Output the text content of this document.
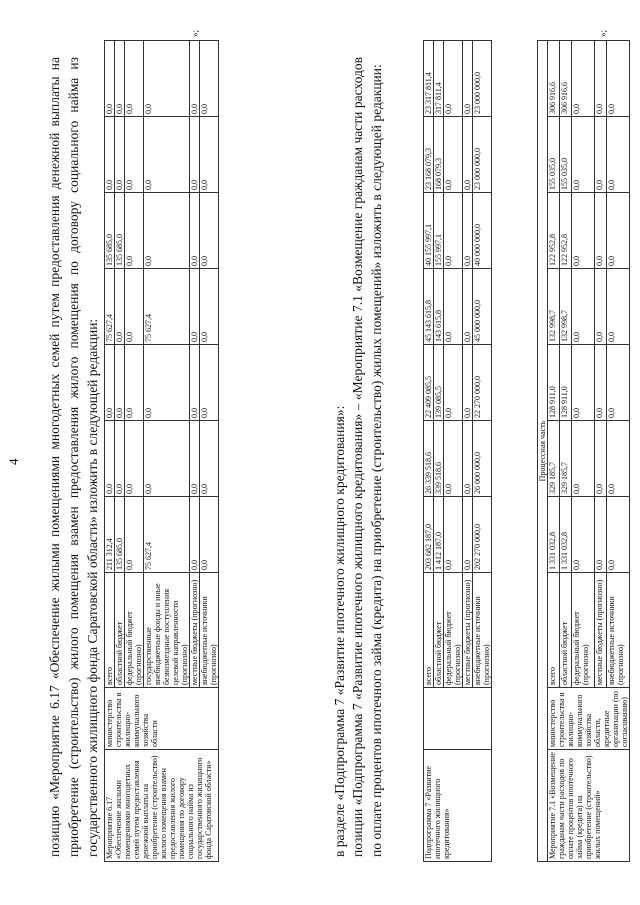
4 позицию «Мероприятие 6.17 «Обеспечение жилыми помещениями многодетных семей путем предоставления денежной выплаты на приобретение (строительство) жилого помещения взамен предоставления жилого помещения по договору социального найма из государственного жилищного фонда Саратовской области» изложить в следующей редакции: Мероприятие 6.17 «Обеспечение жилыми помещениями многодетных семей путем предоставления денежной выплаты на приобретение (строительство) жилого помещения взамен предоставления жилого помещения по договору социального найма из государственного жилищного фонда Саратовской области»	министерство строительства и жилищно-коммунального хозяйства области	всего	211 312,4	0,0	0,0	75 627,4	135 685,0	0,0	0,0
		областной бюджет	135 685,0	0,0	0,0	0,0	135 685,0	0,0	0,0
		федеральный бюджет (прогнозно)	0,0	0,0	0,0	0,0	0,0	0,0	0,0
		государственные внебюджетные фонды и иные безвозмездные поступления целевой направленности (прогнозно)	75 627,4	0,0	0,0	75 627,4	0,0	0,0	0,0
		местные бюджеты (прогнозно)	0,0	0,0	0,0	0,0	0,0	0,0	0,0
		внебюджетные источники (прогнозно)	0,0	0,0	0,0	0,0	0,0	0,0	0,0
»;

в разделе «Подпрограмма 7 «Развитие ипотечного жилищного кредитования»: позиции «Подпрограмма 7 «Развитие ипотечного жилищного кредитования» – «Мероприятие 7.1 «Возмещение гражданам части расходов по оплате процентов ипотечного займа (кредита) на приобретение (строительство) жилых помещений» изложить в следующей редакции:	Подпрограмма 7 «Развитие ипотечного жилищного кредитования»		всего	203 682 187,0	26 339 518,6	22 409 085,5	45 143 615,8	40 155 997,1	23 168 079,3	23 317 811,4
		областной бюджет	1 412 187,0	339 518,6	139 085,5	143 615,8	155 997,1	168 079,3	317 811,4
		федеральный бюджет (прогнозно)	0,0	0,0	0,0	0,0	0,0	0,0	0,0
		местные бюджеты (прогнозно)	0,0	0,0	0,0	0,0	0,0	0,0	0,0
		внебюджетные источники (прогнозно)	202 270 000,0	26 000 000,0	22 270 000,0	45 000 000,0	40 000 000,0	23 000 000,0	23 000 000,0
Процессная часть									
Мероприятие 7.1 «Возмещение гражданам части расходов по оплате процентов ипотечного займа (кредита) на приобретение (строительство) жилых помещений»	министерство строительства и жилищно-коммунального хозяйства области, кредитные организации (по согласованию)	всего	1 331 032,8	329 185,7	128 911,0	132 998,7	122 952,8	155 035,0	306 916,6
		областной бюджет	1 331 032,8	329 185,7	128 911,0	132 998,7	122 952,8	155 035,0	306 916,6
		федеральный бюджет (прогнозно)	0,0	0,0	0,0	0,0	0,0	0,0	0,0
		местные бюджеты (прогнозно)	0,0	0,0	0,0	0,0	0,0	0,0	0,0
		внебюджетные источники (прогнозно)	0,0	0,0	0,0	0,0	0,0	0,0	0,0
»;
